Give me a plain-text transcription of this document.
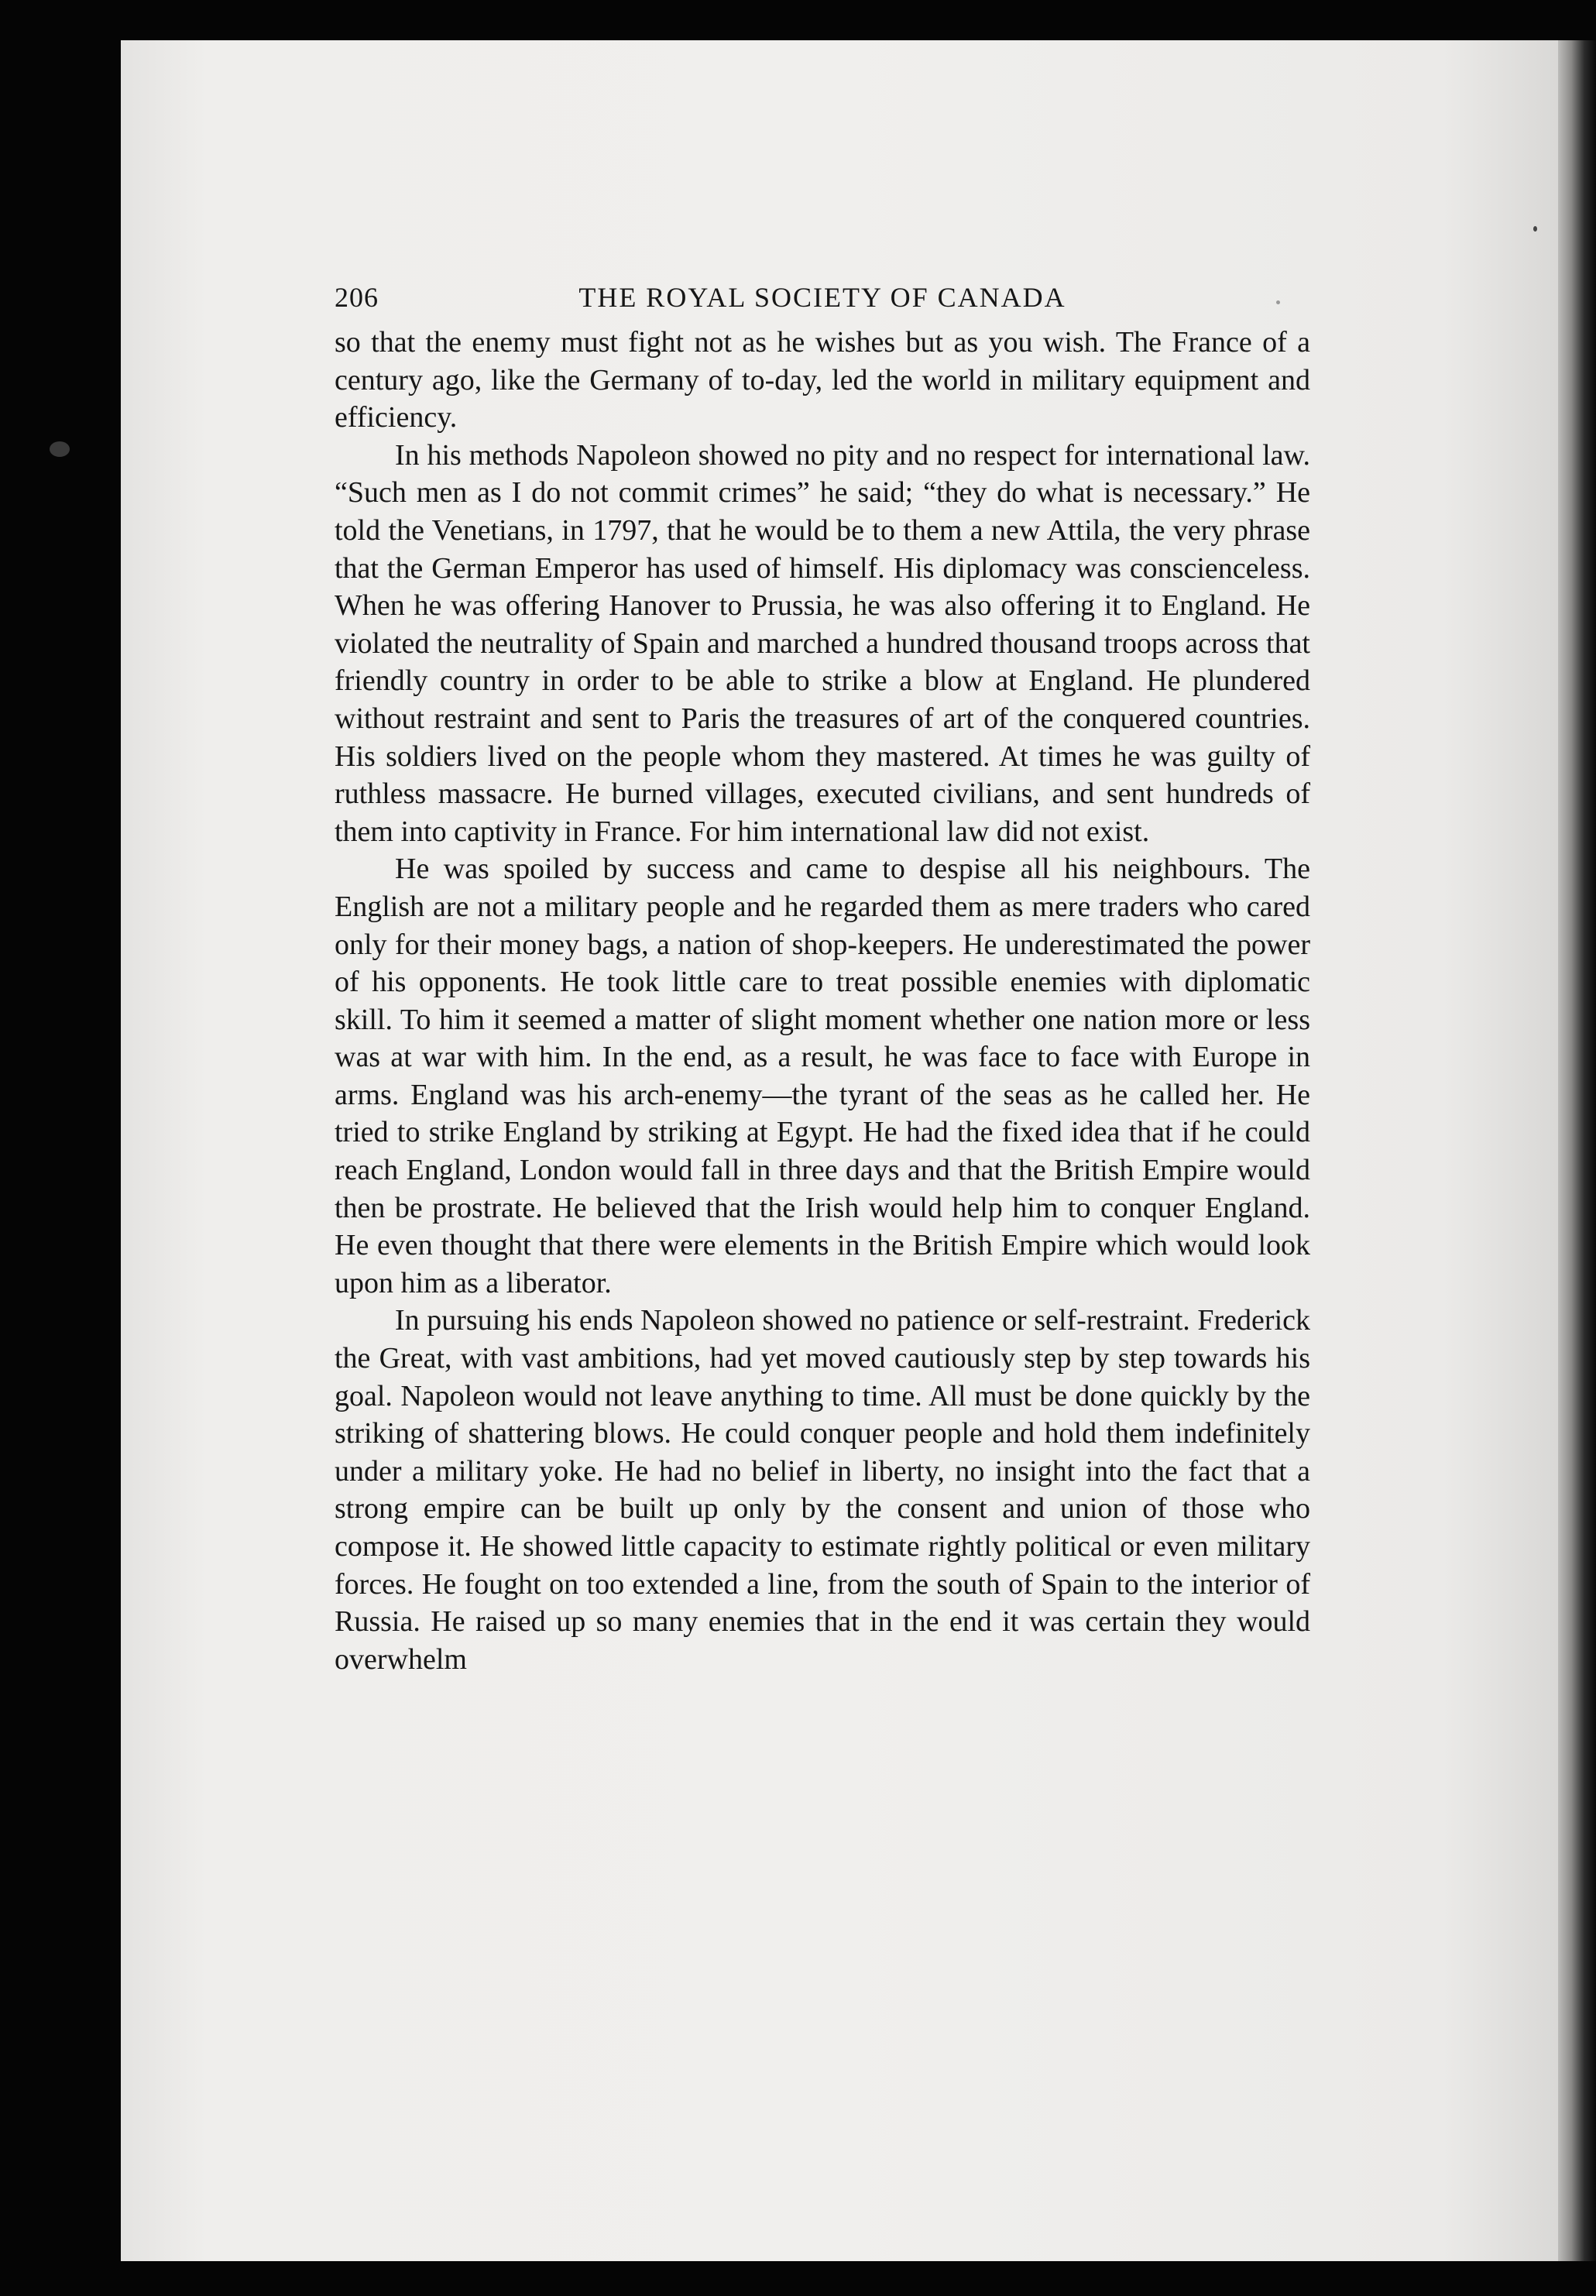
206	THE ROYAL SOCIETY OF CANADA

so that the enemy must fight not as he wishes but as you wish. The France of a century ago, like the Germany of to-day, led the world in military equipment and efficiency.

In his methods Napoleon showed no pity and no respect for international law. “Such men as I do not commit crimes” he said; “they do what is necessary.” He told the Venetians, in 1797, that he would be to them a new Attila, the very phrase that the German Emperor has used of himself. His diplomacy was conscienceless. When he was offering Hanover to Prussia, he was also offering it to England. He violated the neutrality of Spain and marched a hundred thousand troops across that friendly country in order to be able to strike a blow at England. He plundered without restraint and sent to Paris the treasures of art of the conquered countries. His soldiers lived on the people whom they mastered. At times he was guilty of ruthless massacre. He burned villages, executed civilians, and sent hundreds of them into captivity in France. For him international law did not exist.

He was spoiled by success and came to despise all his neighbours. The English are not a military people and he regarded them as mere traders who cared only for their money bags, a nation of shop-keepers. He underestimated the power of his opponents. He took little care to treat possible enemies with diplomatic skill. To him it seemed a matter of slight moment whether one nation more or less was at war with him. In the end, as a result, he was face to face with Europe in arms. England was his arch-enemy—the tyrant of the seas as he called her. He tried to strike England by striking at Egypt. He had the fixed idea that if he could reach England, London would fall in three days and that the British Empire would then be prostrate. He believed that the Irish would help him to conquer England. He even thought that there were elements in the British Empire which would look upon him as a liberator.

In pursuing his ends Napoleon showed no patience or self-restraint. Frederick the Great, with vast ambitions, had yet moved cautiously step by step towards his goal. Napoleon would not leave anything to time. All must be done quickly by the striking of shattering blows. He could conquer people and hold them indefinitely under a military yoke. He had no belief in liberty, no insight into the fact that a strong empire can be built up only by the consent and union of those who compose it. He showed little capacity to estimate rightly political or even military forces. He fought on too extended a line, from the south of Spain to the interior of Russia. He raised up so many enemies that in the end it was certain they would overwhelm
